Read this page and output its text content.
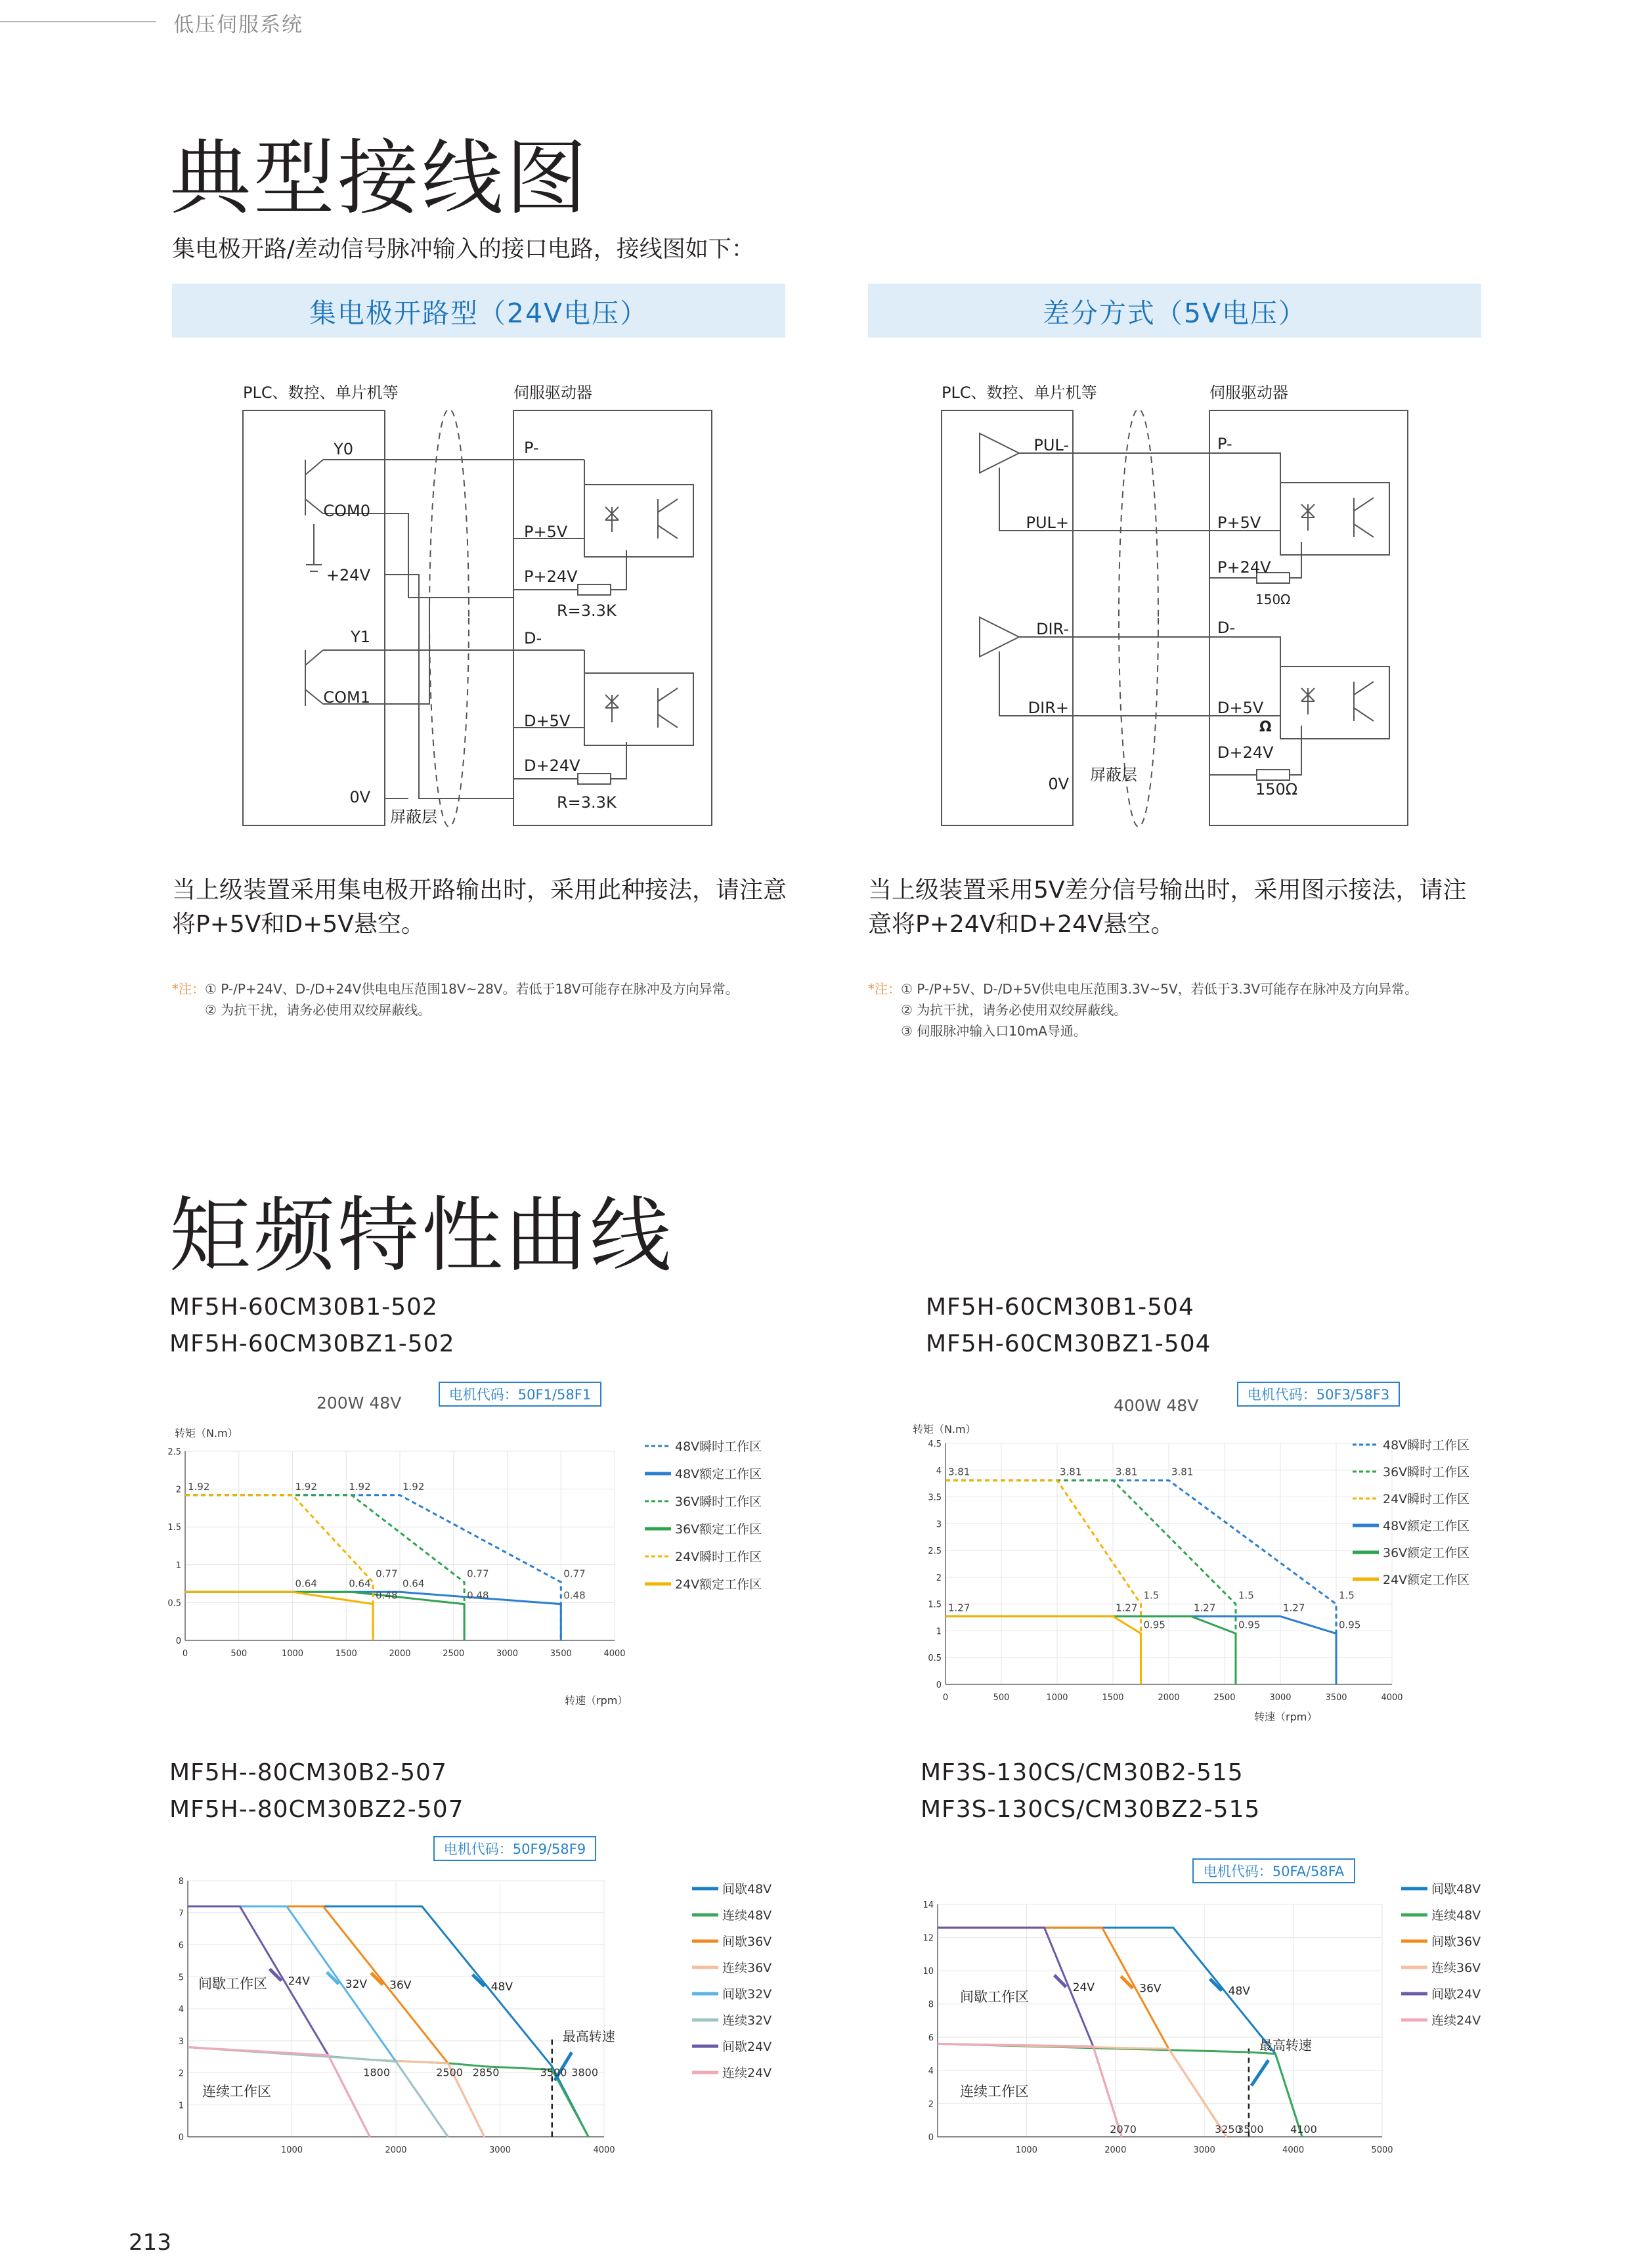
低压伺服系统
典型接线图
集电极开路/差动信号脉冲输入的接口电路，接线图如下：
集电极开路型（24V电压）	差分方式（5V电压）
PLC、数控、单片机等	伺服驱动器
Y0
COM0
+24V
Y1
COM1
0V
P-
P+5V
P+24V
D-
D+5V
D+24V
R=3.3K
R=3.3K
屏蔽层
PLC、数控、单片机等	伺服驱动器
PUL-
PUL+
DIR-
DIR+
0V
P-
P+5V
P+24V
D-
D+5V
D+24V
150Ω
150Ω
Ω
屏蔽层
当上级装置采用集电极开路输出时，采用此种接法，请注意将P+5V和D+5V悬空。
当上级装置采用5V差分信号输出时，采用图示接法，请注意将P+24V和D+24V悬空。
*注：① P-/P+24V、D-/D+24V供电电压范围18V~28V。若低于18V可能存在脉冲及方向异常。
② 为抗干扰，请务必使用双绞屏蔽线。
*注：① P-/P+5V、D-/D+5V供电电压范围3.3V~5V，若低于3.3V可能存在脉冲及方向异常。
② 为抗干扰，请务必使用双绞屏蔽线。
③ 伺服脉冲输入口10mA导通。
矩频特性曲线
MF5H-60CM30B1-502
MF5H-60CM30BZ1-502
MF5H-60CM30B1-504
MF5H-60CM30BZ1-504
MF5H--80CM30B2-507
MF5H--80CM30BZ2-507
MF3S-130CS/CM30B2-515
MF3S-130CS/CM30BZ2-515
电机代码：50F1/58F1	电机代码：50F3/58F3
电机代码：50F9/58F9
电机代码：50FA/58FA
200W 48V	400W 48V
0	500	1000	1500	2000	2500	3000	3500	4000
0
0.5
1
1.5
2
2.5
转矩（N.m）
转速（rpm）
48V瞬时工作区
48V额定工作区
36V瞬时工作区
36V额定工作区
24V瞬时工作区
24V额定工作区
1.92	1.92	1.92	1.92
0.77	0.77	0.77
0.64	0.64	0.64
0.48	0.48	0.48
0	500	1000	1500	2000	2500	3000	3500	4000
0
0.5
1
1.5
2
2.5
3
3.5
4
4.5
转矩（N.m）
转速（rpm）
48V瞬时工作区
36V瞬时工作区
24V瞬时工作区
48V额定工作区
36V额定工作区
24V额定工作区
3.81	3.81	3.81	3.81
1.5	1.5	1.5
1.27	1.27	1.27	1.27
0.95	0.95	0.95
1000	2000	3000	4000
0
1
2
3
4
5
6
7
8
间歇48V
连续48V
间歇36V
连续36V
间歇32V
连续32V
间歇24V
连续24V
间歇工作区
连续工作区
最高转速
24V	32V 36V	48V
1800	2500 2850	3500 3800
1000	2000	3000	4000	5000
0
2
4
6
8
10
12
14
间歇48V
连续48V
间歇36V
连续36V
间歇24V
连续24V
间歇工作区
连续工作区
最高转速
24V	36V	48V
2070	3250
3500	4100
213
